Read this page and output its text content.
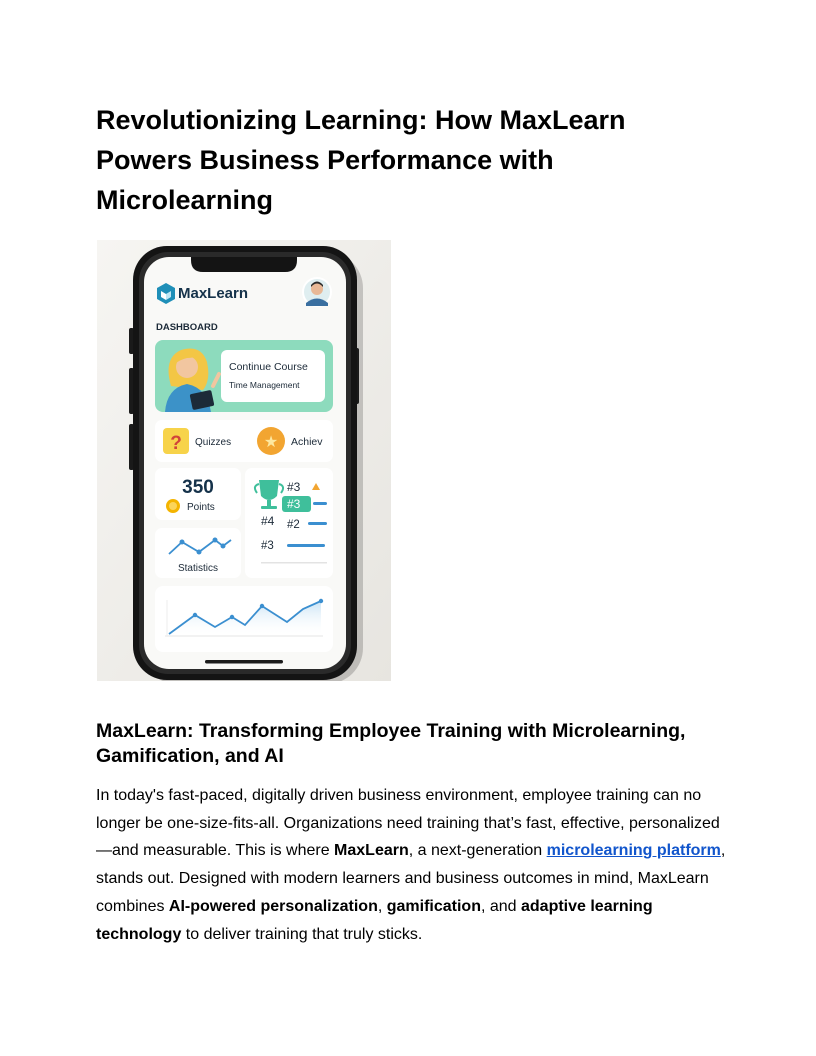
Revolutionizing Learning: How MaxLearn Powers Business Performance with Microlearning
MaxLearn
DASHBOARD
Continue Course
Time Management
? Quizzes ★ Achiev
350
Points
#3
#3
#4 #2
#3
Statistics
MaxLearn: Transforming Employee Training with Microlearning, Gamification, and AI

In today's fast-paced, digitally driven business environment, employee training can no longer be one-size-fits-all. Organizations need training that’s fast, effective, personalized—and measurable. This is where MaxLearn, a next-generation microlearning platform, stands out. Designed with modern learners and business outcomes in mind, MaxLearn combines AI-powered personalization, gamification, and adaptive learning technology to deliver training that truly sticks.
